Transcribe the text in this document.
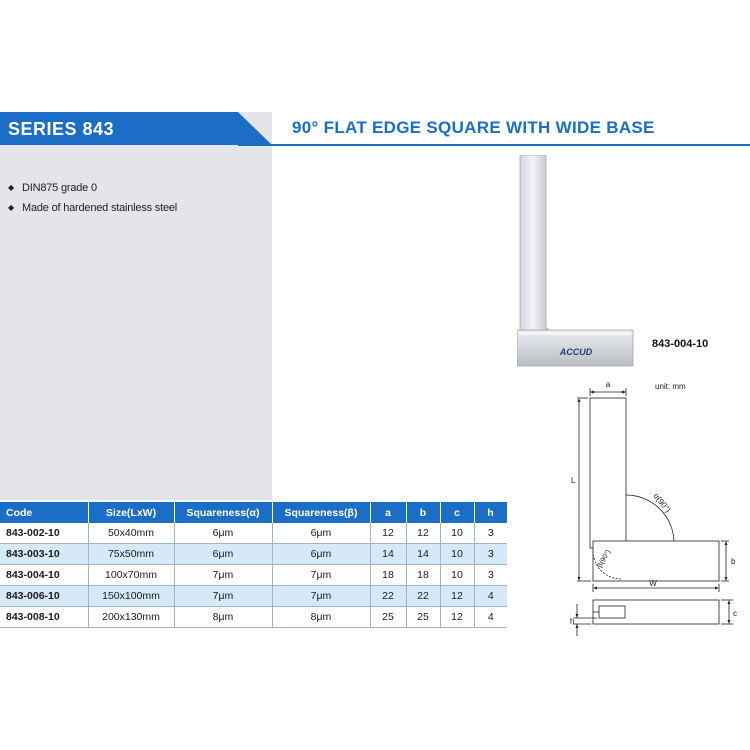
SERIES 843	90° FLAT EDGE SQUARE WITH WIDE BASE
◆ DIN875 grade 0
◆ Made of hardened stainless steel
ACCUD
843-004-10
unit: mm
a
L
α(90°)
β(90°)	b
W
c
h
Code	Size(LxW)	Squareness(α)	Squareness(β)	a	b	c	h
843-002-10	50x40mm	6μm	6μm	12	12	10	3
843-003-10	75x50mm	6μm	6μm	14	14	10	3
843-004-10	100x70mm	7μm	7μm	18	18	10	3
843-006-10	150x100mm	7μm	7μm	22	22	12	4
843-008-10	200x130mm	8μm	8μm	25	25	12	4
